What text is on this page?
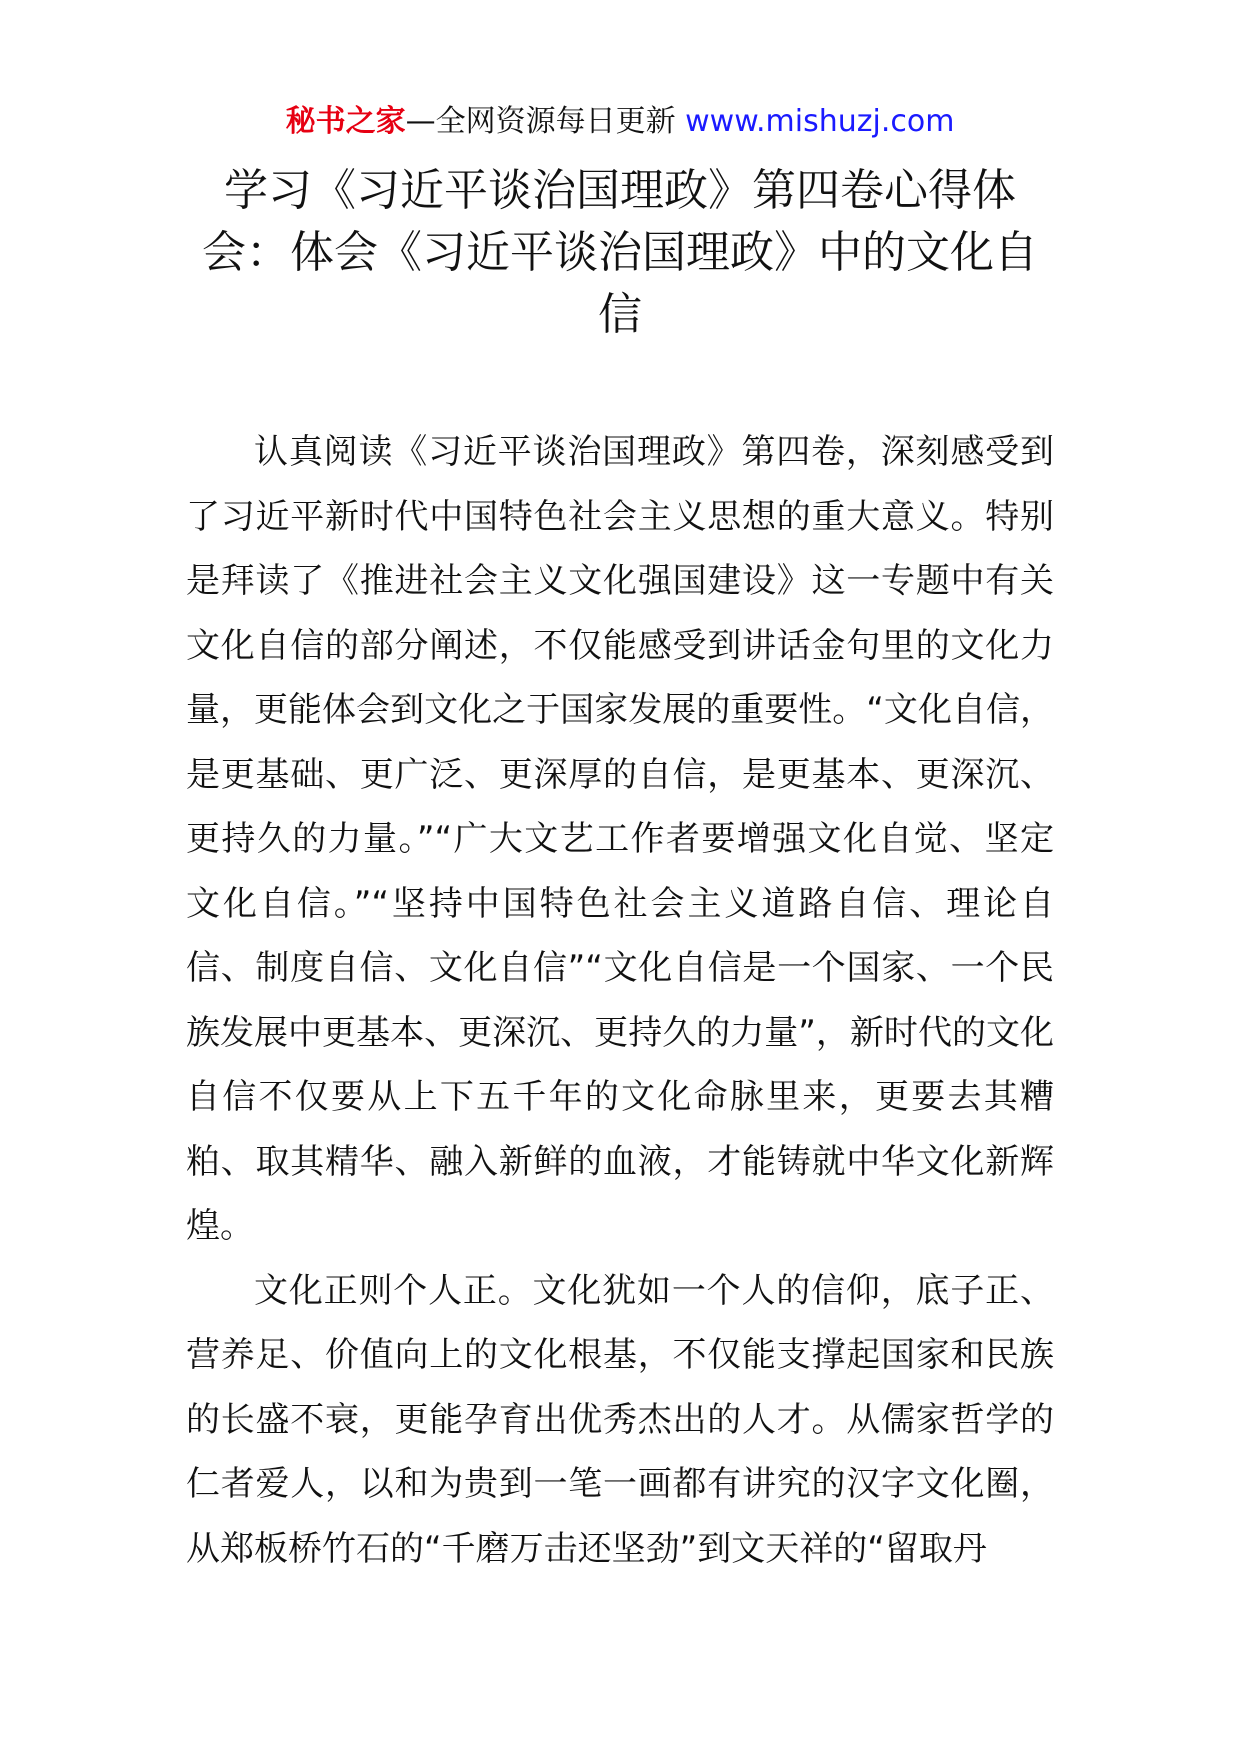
秘书之家—全网资源每日更新 www.mishuzj.com
学习《习近平谈治国理政》第四卷心得体会：体会《习近平谈治国理政》中的文化自信

认真阅读《习近平谈治国理政》第四卷，深刻感受到了习近平新时代中国特色社会主义思想的重大意义。特别是拜读了《推进社会主义文化强国建设》这一专题中有关文化自信的部分阐述，不仅能感受到讲话金句里的文化力量，更能体会到文化之于国家发展的重要性。“文化自信，是更基础、更广泛、更深厚的自信，是更基本、更深沉、更持久的力量。”“广大文艺工作者要增强文化自觉、坚定文化自信。”“坚持中国特色社会主义道路自信、理论自信、制度自信、文化自信”“文化自信是一个国家、一个民族发展中更基本、更深沉、更持久的力量”，新时代的文化自信不仅要从上下五千年的文化命脉里来，更要去其糟粕、取其精华、融入新鲜的血液，才能铸就中华文化新辉煌。

文化正则个人正。文化犹如一个人的信仰，底子正、营养足、价值向上的文化根基，不仅能支撑起国家和民族的长盛不衰，更能孕育出优秀杰出的人才。从儒家哲学的仁者爱人，以和为贵到一笔一画都有讲究的汉字文化圈，从郑板桥竹石的“千磨万击还坚劲”到文天祥的“留取丹
